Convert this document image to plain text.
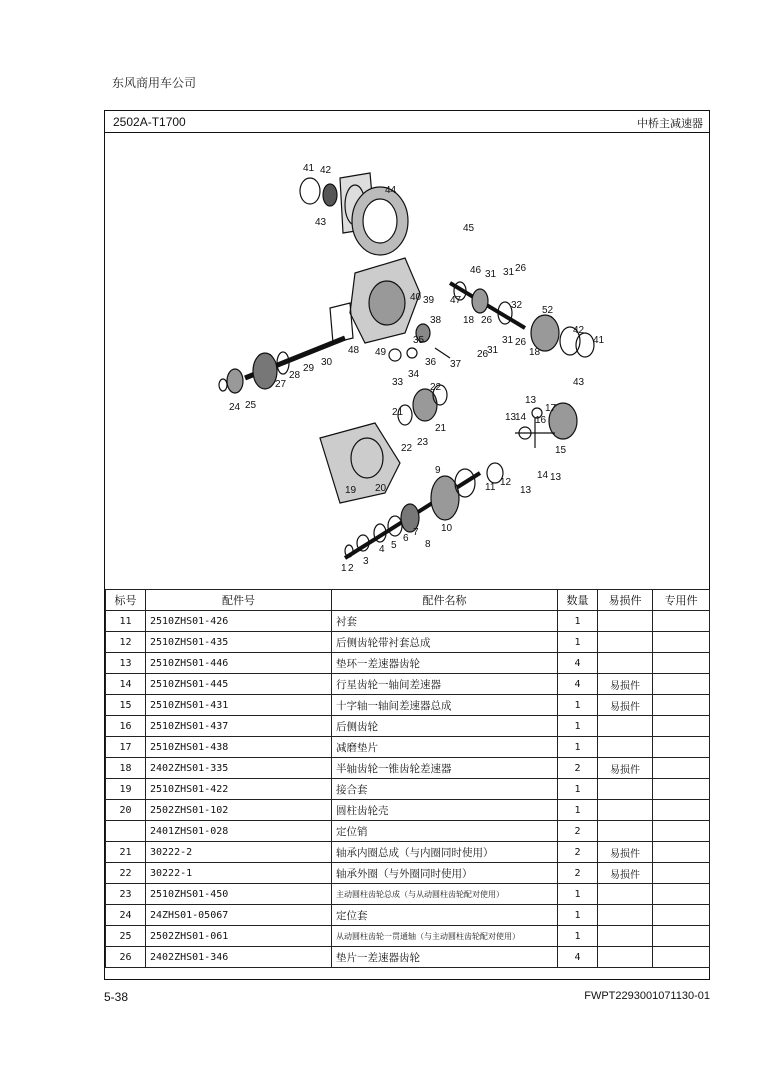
东风商用车公司
2502A-T1700	中桥主减速器
41 42
43
44
45
46
47
48 49
40 39
38
35
36 37
34
33
31 31 26
32 52
18 26
31 26
18
26
31
30
29
28
27
24 25
42
41
43
22
21
21
22
23
13
17
13
14 16
15
19 20
9
10
11 12
13
14 13
1 2
3
4 5
6
7
8
标号	配件号	配件名称	数量	易损件	专用件
11	2510ZHS01-426	衬套	1		
12	2510ZHS01-435	后侧齿轮带衬套总成	1		
13	2510ZHS01-446	垫环一差速器齿轮	4		
14	2510ZHS01-445	行星齿轮一轴间差速器	4	易损件	
15	2510ZHS01-431	十字轴一轴间差速器总成	1	易损件	
16	2510ZHS01-437	后侧齿轮	1		
17	2510ZHS01-438	减磨垫片	1		
18	2402ZHS01-335	半轴齿轮一锥齿轮差速器	2	易损件	
19	2510ZHS01-422	接合套	1		
20	2502ZHS01-102	圆柱齿轮壳	1		
	2401ZHS01-028	定位销	2		
21	30222-2	轴承内圈总成（与内圈同时使用）	2	易损件	
22	30222-1	轴承外圈（与外圈同时使用）	2	易损件	
23	2510ZHS01-450	主动圆柱齿轮总成（与从动圆柱齿轮配对使用）	1		
24	24ZHS01-05067	定位套	1		
25	2502ZHS01-061	从动圆柱齿轮一贯通轴（与主动圆柱齿轮配对使用）	1		
26	2402ZHS01-346	垫片一差速器齿轮	4		
5-38	FWPT2293001071130-01
